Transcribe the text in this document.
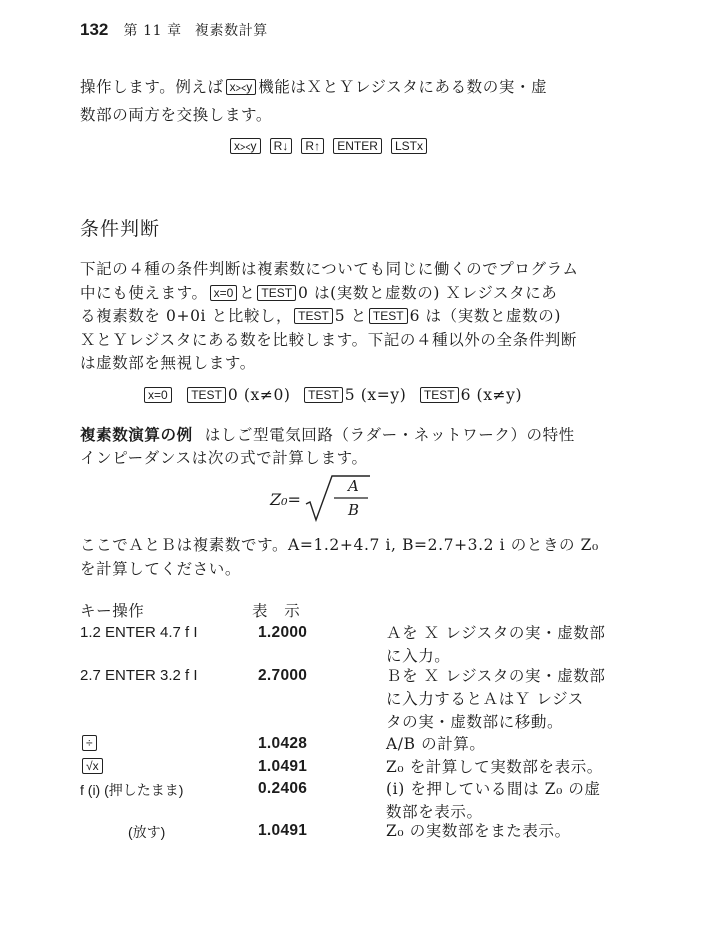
132 第 11 章 複素数計算
操作します。例えば x⪥y 機能はＸとＹレジスタにある数の実・虚
数部の両方を交換します。
x⪥y R↓ R↑ ENTER LSTx
条件判断
下記の４種の条件判断は複素数についても同じに働くのでプログラム
中にも使えます。 x=0 と TEST 0 は(実数と虚数の) Ｘレジスタにあ
る複素数を 0+0i と比較し， TEST 5 と TEST 6 は（実数と虚数の)
ＸとＹレジスタにある数を比較します。下記の４種以外の全条件判断
は虚数部を無視します。
x=0 TEST 0 (x≠0) TEST 5 (x=y) TEST 6 (x≠y)
複素数演算の例 はしご型電気回路（ラダー・ネットワーク）の特性
インピーダンスは次の式で計算します。
Z₀=
A
B
ここでＡとＢは複素数です。A=1.2+4.7 i, B=2.7+3.2 i のときの Z₀
を計算してください。
キー操作	表　示
1.2 ENTER 4.7 f I	1.2000	Ａを Ｘ レジスタの実・虚数部
に入力。
2.7 ENTER 3.2 f I	2.7000	Ｂを Ｘ レジスタの実・虚数部
に入力するとＡはＹ レジス
タの実・虚数部に移動。
÷	1.0428	A/B の計算。
√x	1.0491	Z₀ を計算して実数部を表示。
f (i) (押したまま)	0.2406	(i) を押している間は Z₀ の虚
数部を表示。
(放す)	1.0491	Z₀ の実数部をまた表示。
